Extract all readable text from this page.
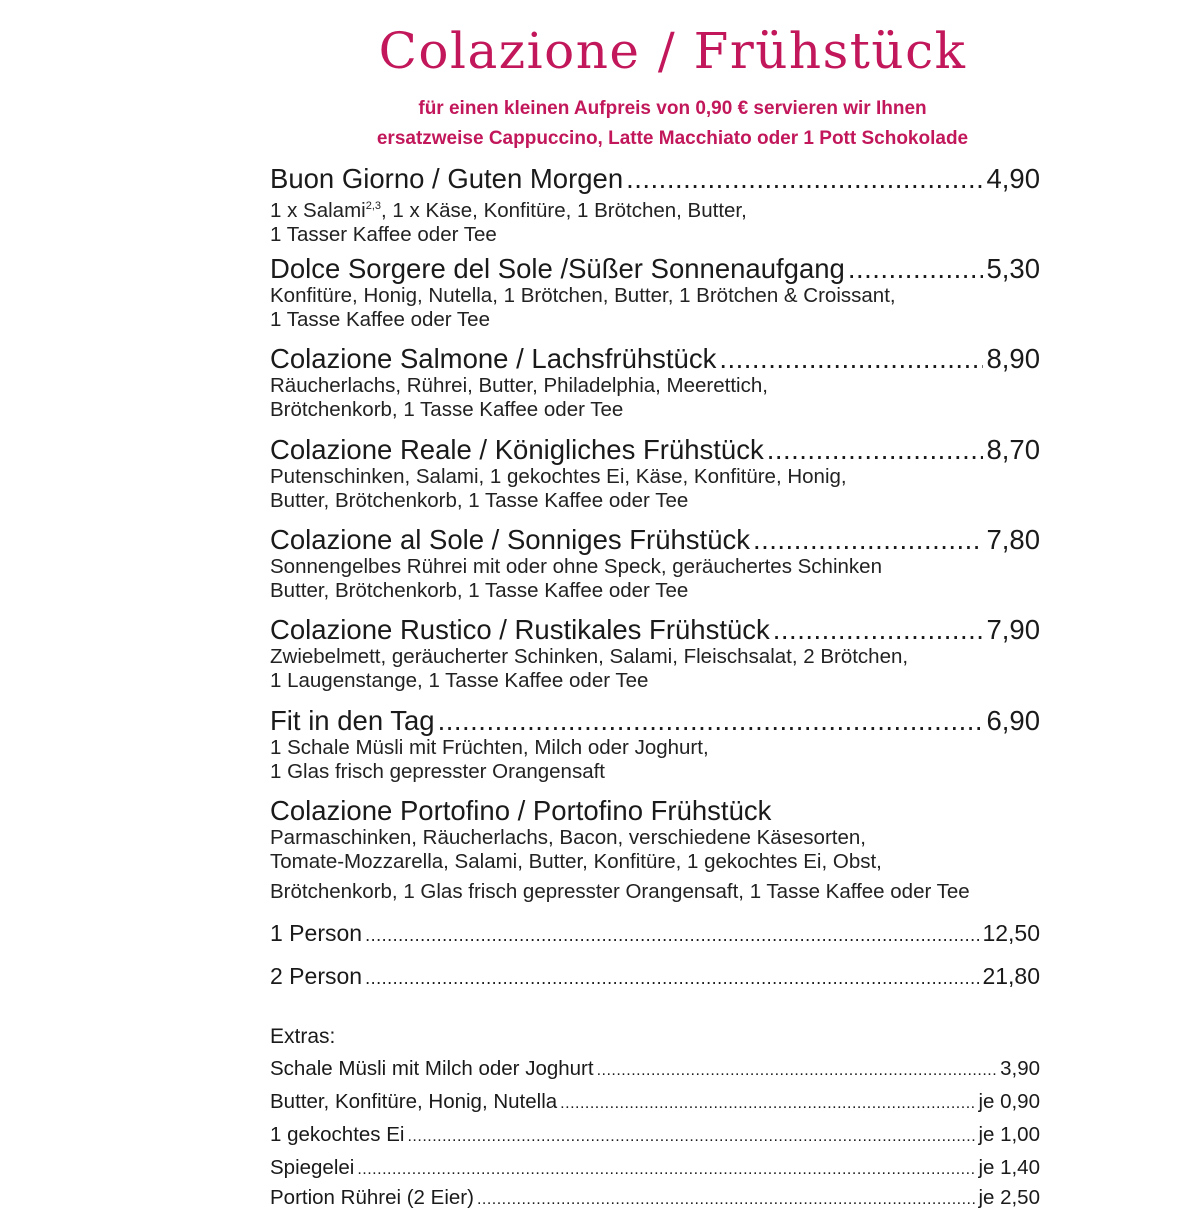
Colazione / Frühstück
für einen kleinen Aufpreis von 0,90 € servieren wir Ihnen
ersatzweise Cappuccino, Latte Macchiato oder 1 Pott Schokolade
Buon Giorno / Guten Morgen .....	4,90
1 x Salami$^{2,3}$, 1 x Käse, Konfitüre, 1 Brötchen, Butter,
1 Tasser Kaffee oder Tee
Dolce Sorgere del Sole /Süßer Sonnenaufgang .....	5,30
Konfitüre, Honig, Nutella, 1 Brötchen, Butter, 1 Brötchen & Croissant,
1 Tasse Kaffee oder Tee
Colazione Salmone / Lachsfrühstück .....	8,90
Räucherlachs, Rührei, Butter, Philadelphia, Meerettich,
Brötchenkorb, 1 Tasse Kaffee oder Tee
Colazione Reale / Königliches Frühstück .....	8,70
Putenschinken, Salami, 1 gekochtes Ei, Käse, Konfitüre, Honig,
Butter, Brötchenkorb, 1 Tasse Kaffee oder Tee
Colazione al Sole / Sonniges Frühstück .....	7,80
Sonnengelbes Rührei mit oder ohne Speck, geräuchertes Schinken
Butter, Brötchenkorb, 1 Tasse Kaffee oder Tee
Colazione Rustico / Rustikales Frühstück .....	7,90
Zwiebelmett, geräucherter Schinken, Salami, Fleischsalat, 2 Brötchen,
1 Laugenstange, 1 Tasse Kaffee oder Tee
Fit in den Tag .....	6,90
1 Schale Müsli mit Früchten, Milch oder Joghurt,
1 Glas frisch gepresster Orangensaft
Colazione Portofino / Portofino Frühstück
Parmaschinken, Räucherlachs, Bacon, verschiedene Käsesorten,
Tomate-Mozzarella, Salami, Butter, Konfitüre, 1 gekochtes Ei, Obst,
Brötchenkorb, 1 Glas frisch gepresster Orangensaft, 1 Tasse Kaffee oder Tee
1 Person .....	12,50
2 Person .....	21,80
Extras:
Schale Müsli mit Milch oder Joghurt .....	3,90
Butter, Konfitüre, Honig, Nutella .....	je 0,90
1 gekochtes Ei .....	je 1,00
Spiegelei .....	je 1,40
Portion Rührei (2 Eier) .....	je 2,50
